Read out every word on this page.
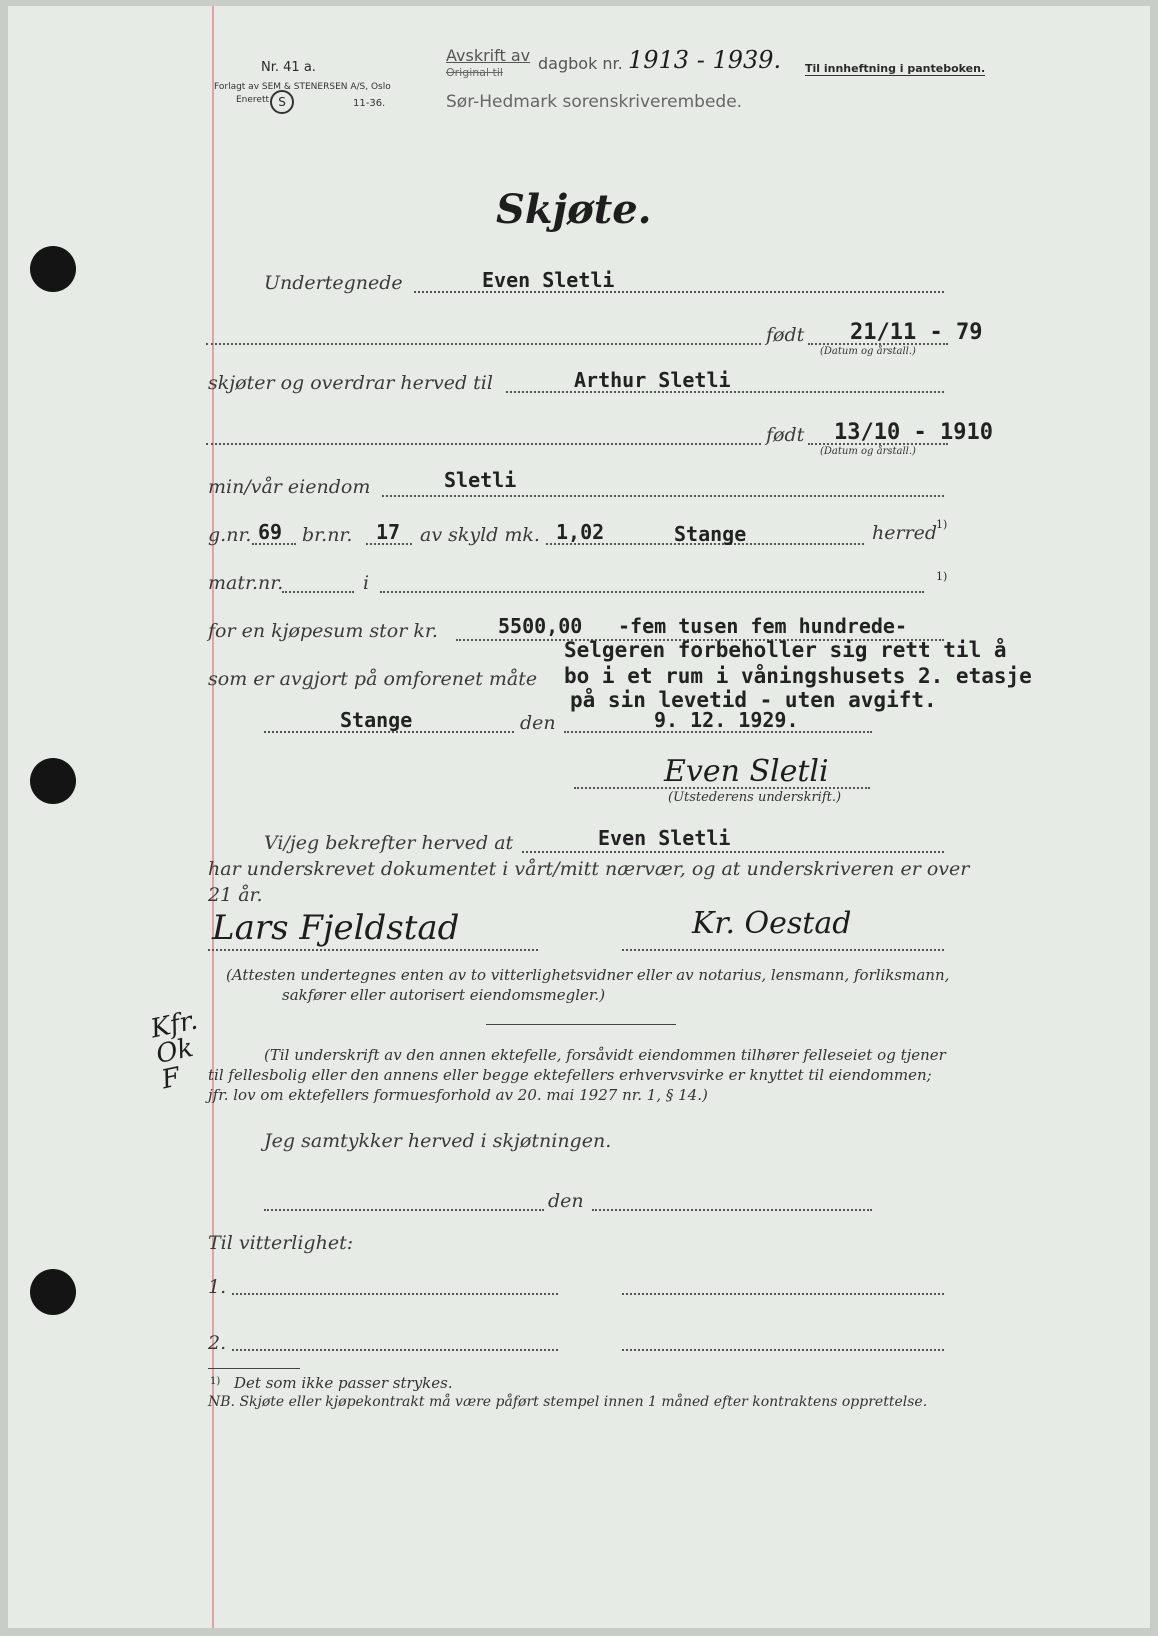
Nr. 41 a.
Forlagt av SEM & STENERSEN A/S, Oslo
Enerett S	11-36.
Avskrift av
Original til dagbok nr. 1913 - 1939.
Sør-Hedmark sorenskriverembede.
Til innheftning i panteboken.
Skjøte.
Undertegnede	Even Sletli
født 21/11 - 79
(Datum og årstall.)
skjøter og overdrar herved til	Arthur Sletli
født 13/10 - 1910
(Datum og årstall.)
min/vår eiendom	Sletli
g.nr. 69 br.nr. 17 av skyld mk. 1,02	Stange	herred
1)
matr.nr.	i	1)
for en kjøpesum stor kr.	5500,00 -fem tusen fem hundrede-
Selgeren forbeholler sig rett til å
som er avgjort på omforenet måte bo i et rum i våningshusets 2. etasje
på sin levetid - uten avgift.
Stange	den	9. 12. 1929.
Even Sletli
(Utstederens underskrift.)
Vi/jeg bekrefter herved at	Even Sletli
har underskrevet dokumentet i vårt/mitt nærvær, og at underskriveren er over
21 år.
Lars Fjeldstad	Kr. Oestad
(Attesten undertegnes enten av to vitterlighetsvidner eller av notarius, lensmann, forliksmann,
sakfører eller autorisert eiendomsmegler.)
Kfr. Ok F
(Til underskrift av den annen ektefelle, forsåvidt eiendommen tilhører felleseiet og tjener
til fellesbolig eller den annens eller begge ektefellers erhvervsvirke er knyttet til eiendommen;
jfr. lov om ektefellers formuesforhold av 20. mai 1927 nr. 1, § 14.)
Jeg samtykker herved i skjøtningen.
den
Til vitterlighet:
1.
2.
1) Det som ikke passer strykes.
NB. Skjøte eller kjøpekontrakt må være påført stempel innen 1 måned efter kontraktens opprettelse.
